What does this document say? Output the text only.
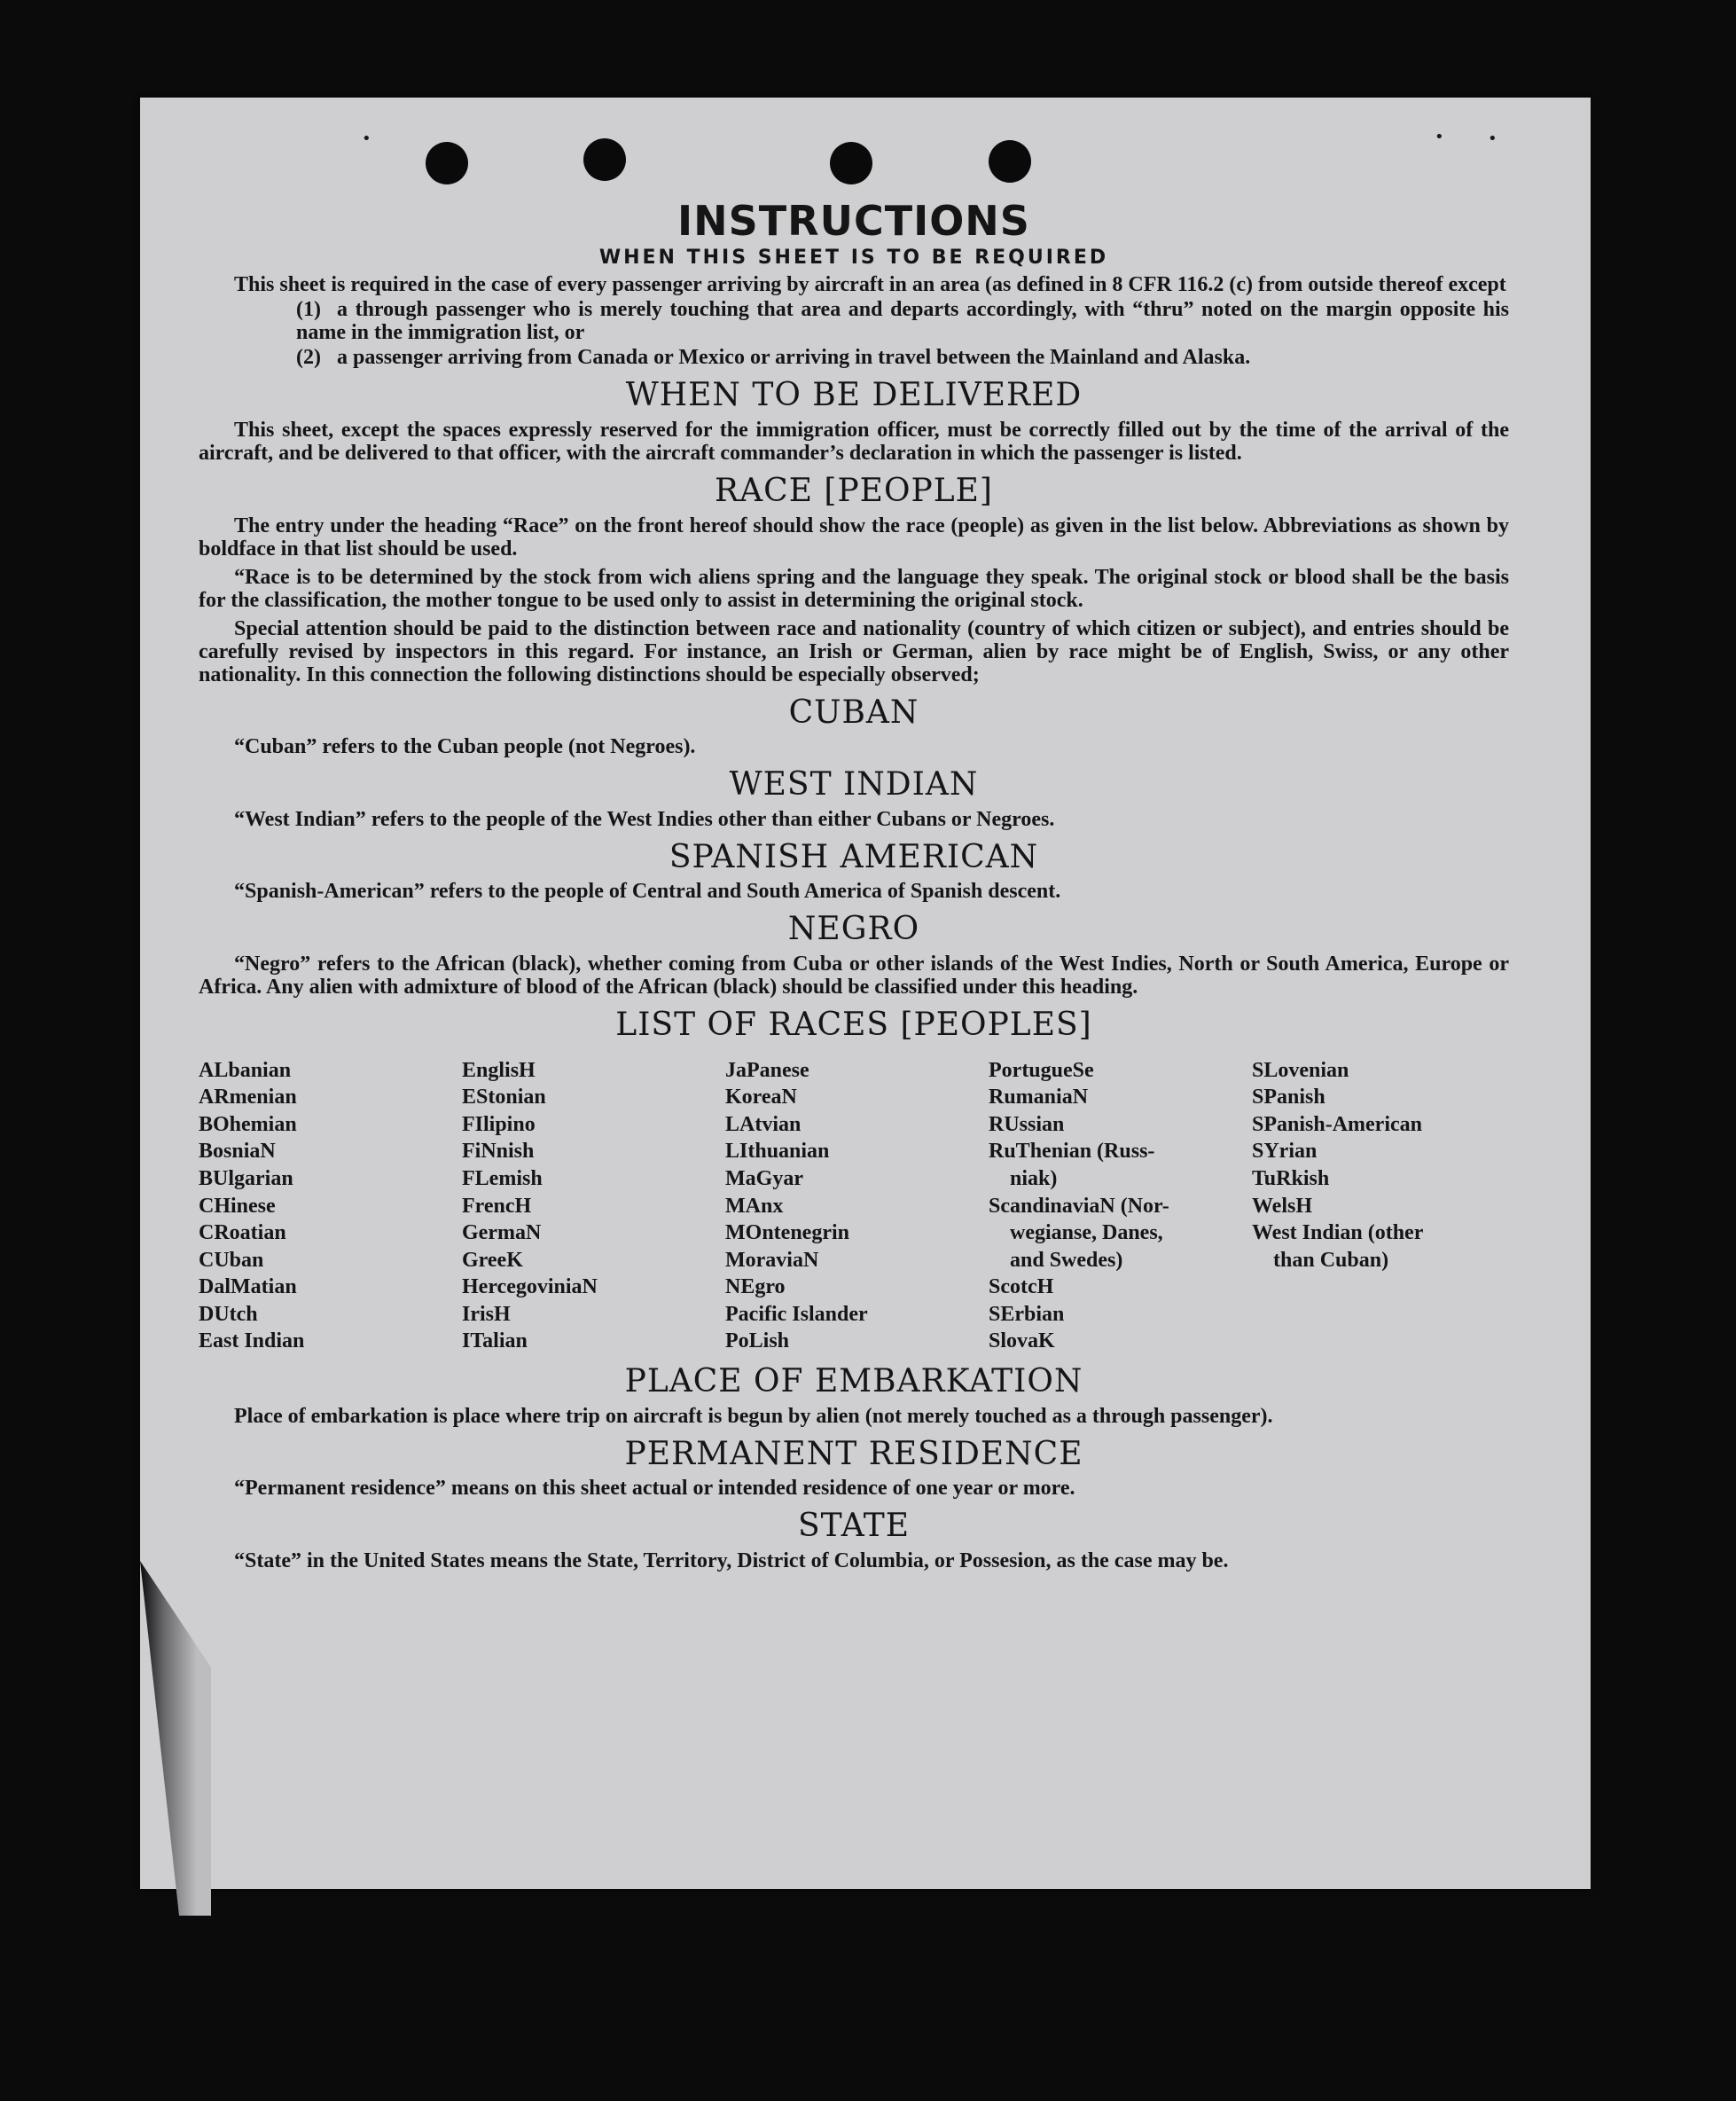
•	•	•
INSTRUCTIONS
WHEN THIS SHEET IS TO BE REQUIRED

This sheet is required in the case of every passenger arriving by aircraft in an area (as defined in 8 CFR 116.2 (c) from outside thereof except

(1) a through passenger who is merely touching that area and departs accordingly, with “thru” noted on the margin opposite his name in the immigration list, or
(2) a passenger arriving from Canada or Mexico or arriving in travel between the Mainland and Alaska.
WHEN TO BE DELIVERED

This sheet, except the spaces expressly reserved for the immigration officer, must be correctly filled out by the time of the arrival of the aircraft, and be delivered to that officer, with the aircraft commander’s declaration in which the passenger is listed.

RACE [PEOPLE]

The entry under the heading “Race” on the front hereof should show the race (people) as given in the list below. Abbreviations as shown by boldface in that list should be used.

“Race is to be determined by the stock from wich aliens spring and the language they speak. The original stock or blood shall be the basis for the classification, the mother tongue to be used only to assist in determining the original stock.

Special attention should be paid to the distinction between race and nationality (country of which citizen or subject), and entries should be carefully revised by inspectors in this regard. For instance, an Irish or German, alien by race might be of English, Swiss, or any other nationality. In this connection the following distinctions should be especially observed;

CUBAN

“Cuban” refers to the Cuban people (not Negroes).

WEST INDIAN

“West Indian” refers to the people of the West Indies other than either Cubans or Negroes.

SPANISH AMERICAN

“Spanish-American” refers to the people of Central and South America of Spanish descent.

NEGRO

“Negro” refers to the African (black), whether coming from Cuba or other islands of the West Indies, North or South America, Europe or Africa. Any alien with admixture of blood of the African (black) should be classified under this heading.

LIST OF RACES [PEOPLES]
ALbanian
ARmenian
BOhemian
BosniaN
BUlgarian
CHinese
CRoatian
CUban
DalMatian
DUtch
East Indian
EnglisH
EStonian
FIlipino
FiNnish
FLemish
FrencH
GermaN
GreeK
HercegoviniaN
IrisH
ITalian
JaPanese
KoreaN
LAtvian
LIthuanian
MaGyar
MAnx
MOntenegrin
MoraviaN
NEgro
Pacific Islander
PoLish
PortugueSe
RumaniaN
RUssian
RuThenian (Russ-
niak)
ScandinaviaN (Nor-
wegianse, Danes,
and Swedes)
ScotcH
SErbian
SlovaK
SLovenian
SPanish
SPanish-American
SYrian
TuRkish
WelsH
West Indian (other
than Cuban)
PLACE OF EMBARKATION

Place of embarkation is place where trip on aircraft is begun by alien (not merely touched as a through passenger).

PERMANENT RESIDENCE

“Permanent residence” means on this sheet actual or intended residence of one year or more.

STATE

“State” in the United States means the State, Territory, District of Columbia, or Possesion, as the case may be.
